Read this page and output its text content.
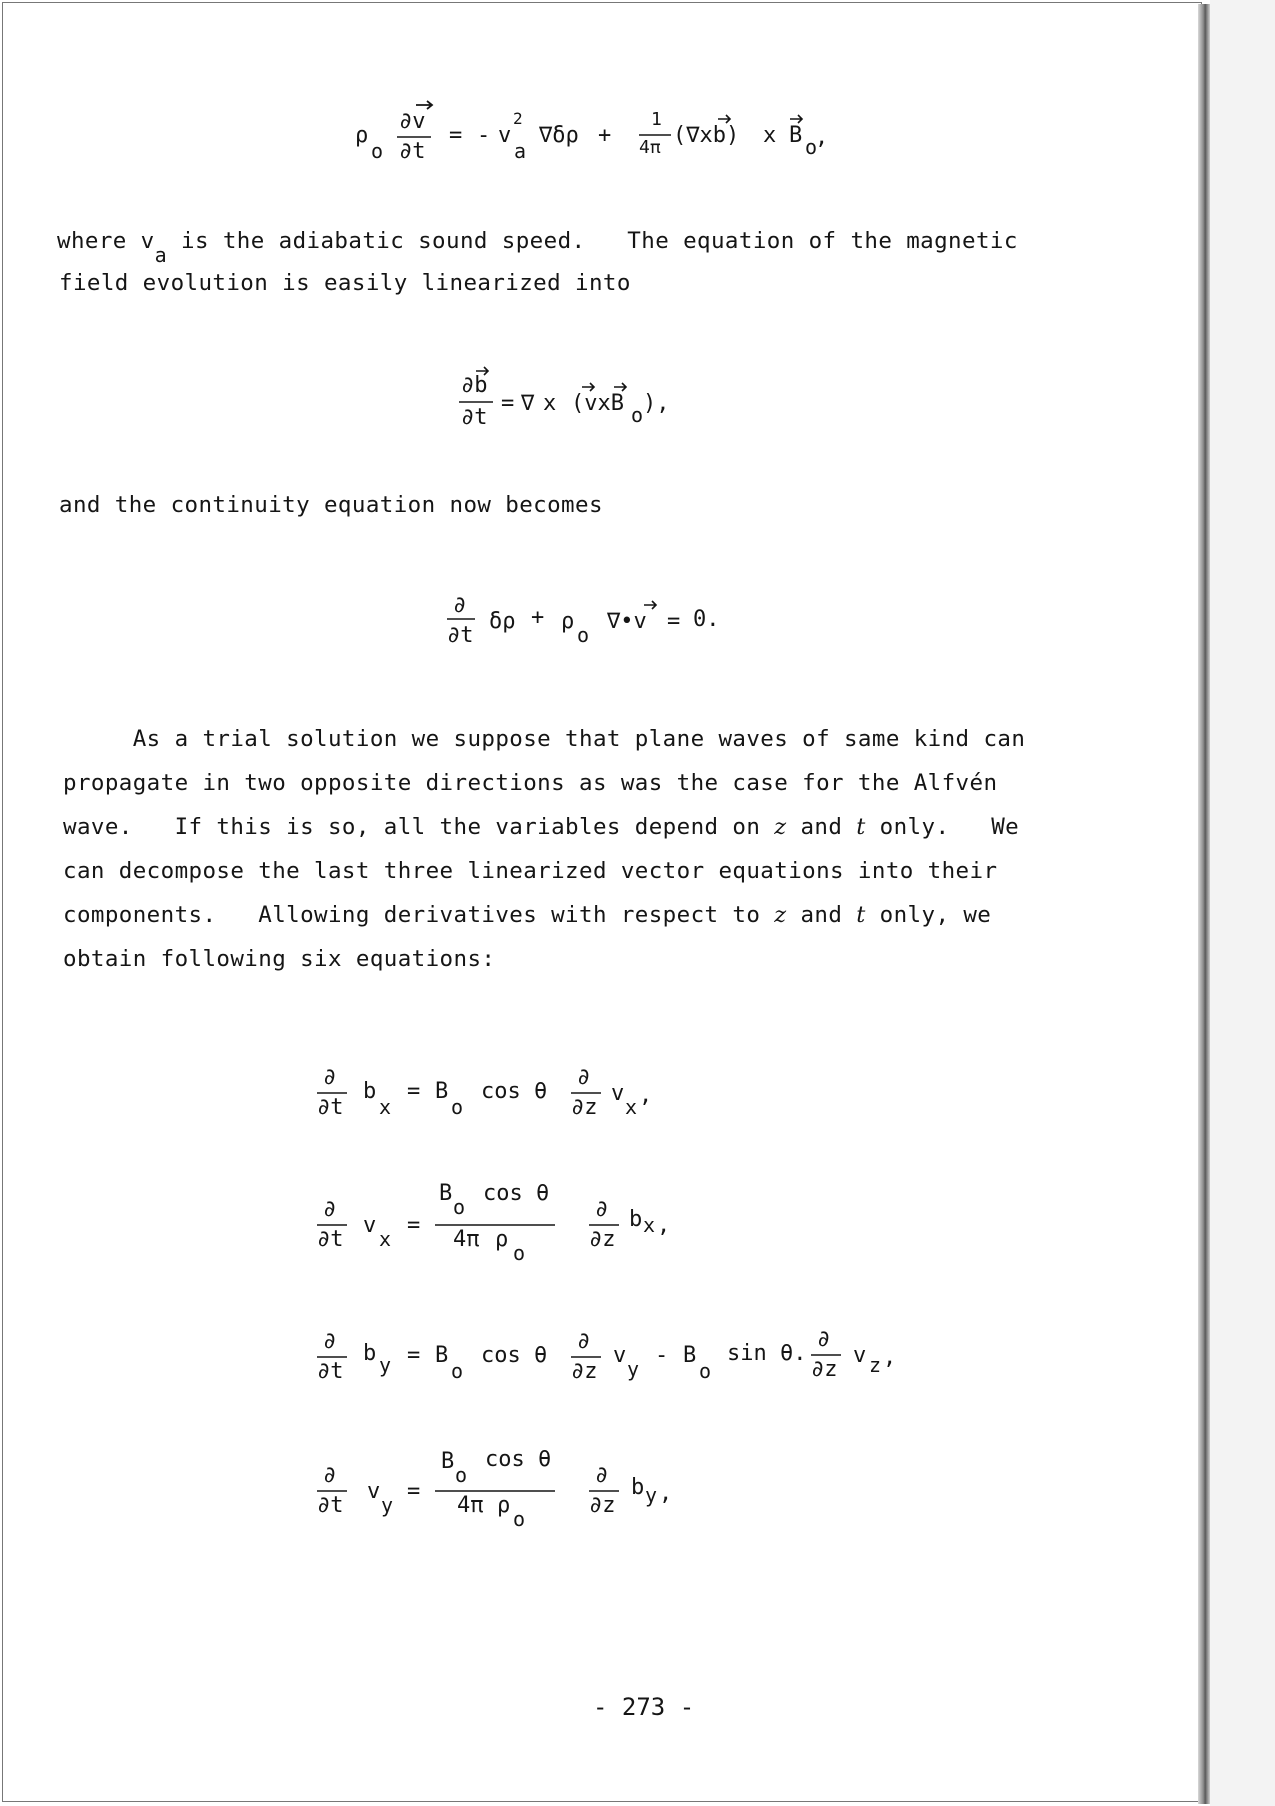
ρ
o
∂v
∂t
= - v
2
a
∇δρ +
1
4π (∇xb) x B o
,
where va is the adiabatic sound speed.   The equation of the magnetic
field evolution is easily linearized into
∂b
∂t
= ∇ x (vxB o ),
and the continuity equation now becomes
∂
∂t
δρ + ρ
o
∇•v = 0.
As a trial solution we suppose that plane waves of same kind can
propagate in two opposite directions as was the case for the Alfvén
wave.   If this is so, all the variables depend on z and t only.   We
can decompose the last three linearized vector equations into their
components.   Allowing derivatives with respect to z and t only, we
obtain following six equations:
∂
∂t
b
x
= B
o
cos θ
∂
∂z
v
x ,
∂
∂t
v
x
=
B
o
cos θ
4π ρ
o
∂
∂z
b x ,
∂
∂t
b y = B
o
cos θ
∂
∂z
v
y
- B
o
sin θ.
∂
∂z
v z ,
∂
∂t
v
y
=
B
o
cos θ
4π ρ
o
∂
∂z
b y ,
- 273 -
